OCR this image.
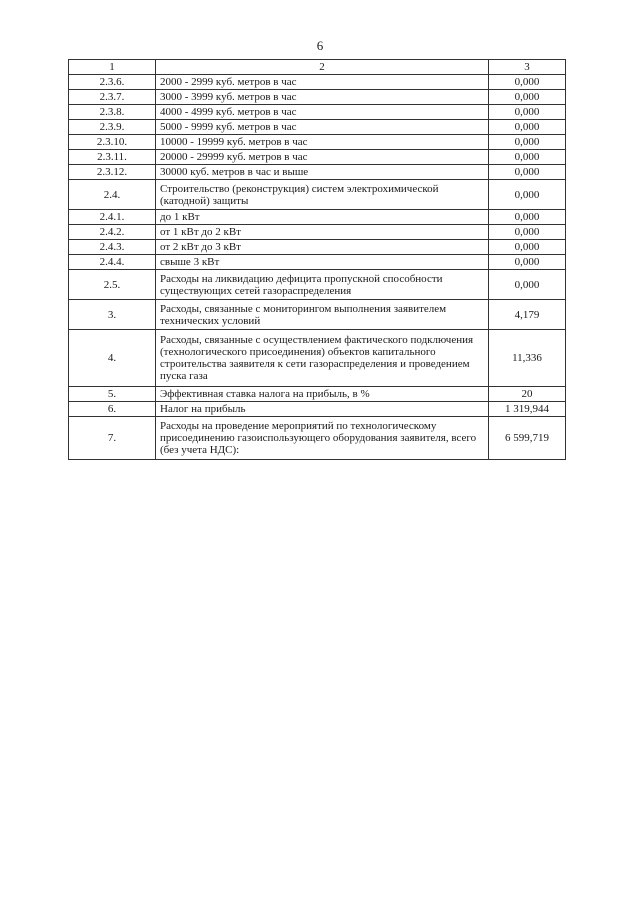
6
1	2	3
2.3.6.	2000 - 2999 куб. метров в час	0,000
2.3.7.	3000 - 3999 куб. метров в час	0,000
2.3.8.	4000 - 4999 куб. метров в час	0,000
2.3.9.	5000 - 9999 куб. метров в час	0,000
2.3.10.	10000 - 19999 куб. метров в час	0,000
2.3.11.	20000 - 29999 куб. метров в час	0,000
2.3.12.	30000 куб. метров в час и выше	0,000
2.4.	Строительство (реконструкция) систем электрохимической (катодной) защиты	0,000
2.4.1.	до 1 кВт	0,000
2.4.2.	от 1 кВт до 2 кВт	0,000
2.4.3.	от 2 кВт до 3 кВт	0,000
2.4.4.	свыше 3 кВт	0,000
2.5.	Расходы на ликвидацию дефицита пропускной способности существующих сетей газораспределения	0,000
3.	Расходы, связанные с мониторингом выполнения заявителем технических условий	4,179
4.	Расходы, связанные с осуществлением фактического подключения (технологического присоединения) объектов капитального строительства заявителя к сети газораспределения и проведением пуска газа	11,336
5.	Эффективная ставка налога на прибыль, в %	20
6.	Налог на прибыль	1 319,944
7.	Расходы на проведение мероприятий по технологическому присоединению газоиспользующего оборудования заявителя, всего (без учета НДС):	6 599,719
